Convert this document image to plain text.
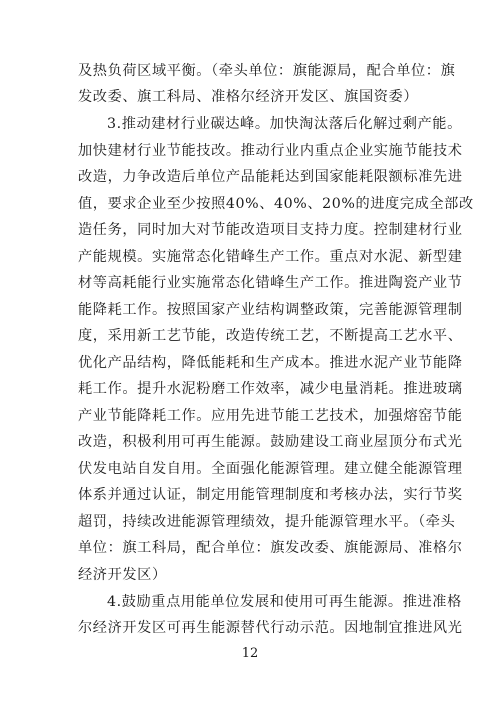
及热负荷区域平衡。（牵头单位：旗能源局，配合单位：旗
发改委、旗工科局、准格尔经济开发区、旗国资委）
3.推动建材行业碳达峰。加快淘汰落后化解过剩产能。
加快建材行业节能技改。推动行业内重点企业实施节能技术
改造，力争改造后单位产品能耗达到国家能耗限额标准先进
值，要求企业至少按照40%、40%、20%的进度完成全部改
造任务，同时加大对节能改造项目支持力度。控制建材行业
产能规模。实施常态化错峰生产工作。重点对水泥、新型建
材等高耗能行业实施常态化错峰生产工作。推进陶瓷产业节
能降耗工作。按照国家产业结构调整政策，完善能源管理制
度，采用新工艺节能，改造传统工艺，不断提高工艺水平、
优化产品结构，降低能耗和生产成本。推进水泥产业节能降
耗工作。提升水泥粉磨工作效率，减少电量消耗。推进玻璃
产业节能降耗工作。应用先进节能工艺技术，加强熔窑节能
改造，积极利用可再生能源。鼓励建设工商业屋顶分布式光
伏发电站自发自用。全面强化能源管理。建立健全能源管理
体系并通过认证，制定用能管理制度和考核办法，实行节奖
超罚，持续改进能源管理绩效，提升能源管理水平。（牵头
单位：旗工科局，配合单位：旗发改委、旗能源局、准格尔
经济开发区）
4.鼓励重点用能单位发展和使用可再生能源。推进准格
尔经济开发区可再生能源替代行动示范。因地制宜推进风光
12
